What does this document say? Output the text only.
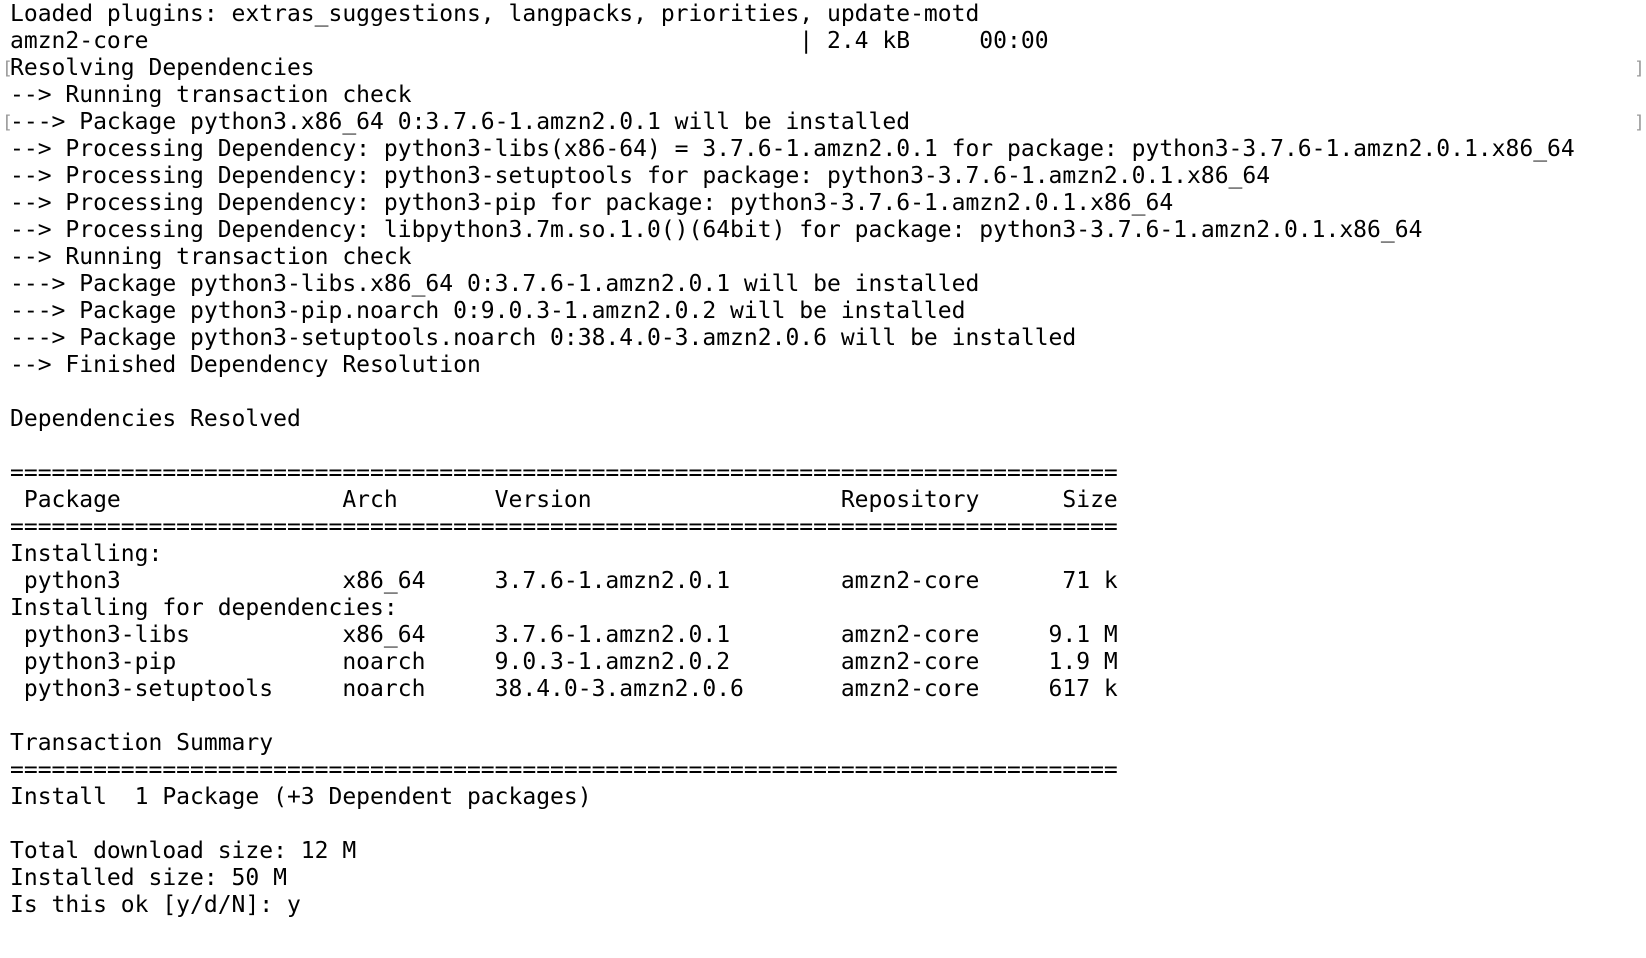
Loaded plugins: extras_suggestions, langpacks, priorities, update-motd
amzn2-core                                               | 2.4 kB     00:00
Resolving Dependencies
--> Running transaction check
---> Package python3.x86_64 0:3.7.6-1.amzn2.0.1 will be installed
--> Processing Dependency: python3-libs(x86-64) = 3.7.6-1.amzn2.0.1 for package: python3-3.7.6-1.amzn2.0.1.x86_64
--> Processing Dependency: python3-setuptools for package: python3-3.7.6-1.amzn2.0.1.x86_64
--> Processing Dependency: python3-pip for package: python3-3.7.6-1.amzn2.0.1.x86_64
--> Processing Dependency: libpython3.7m.so.1.0()(64bit) for package: python3-3.7.6-1.amzn2.0.1.x86_64
--> Running transaction check
---> Package python3-libs.x86_64 0:3.7.6-1.amzn2.0.1 will be installed
---> Package python3-pip.noarch 0:9.0.3-1.amzn2.0.2 will be installed
---> Package python3-setuptools.noarch 0:38.4.0-3.amzn2.0.6 will be installed
--> Finished Dependency Resolution
Dependencies Resolved
================================================================================
Package                Arch       Version                  Repository      Size
================================================================================
Installing:
python3                x86_64     3.7.6-1.amzn2.0.1        amzn2-core      71 k
Installing for dependencies:
python3-libs           x86_64     3.7.6-1.amzn2.0.1        amzn2-core     9.1 M
python3-pip            noarch     9.0.3-1.amzn2.0.2        amzn2-core     1.9 M
python3-setuptools     noarch     38.4.0-3.amzn2.0.6       amzn2-core     617 k
Transaction Summary
================================================================================
Install  1 Package (+3 Dependent packages)
Total download size: 12 M
Installed size: 50 M
Is this ok [y/d/N]: y
[
[
]
]
